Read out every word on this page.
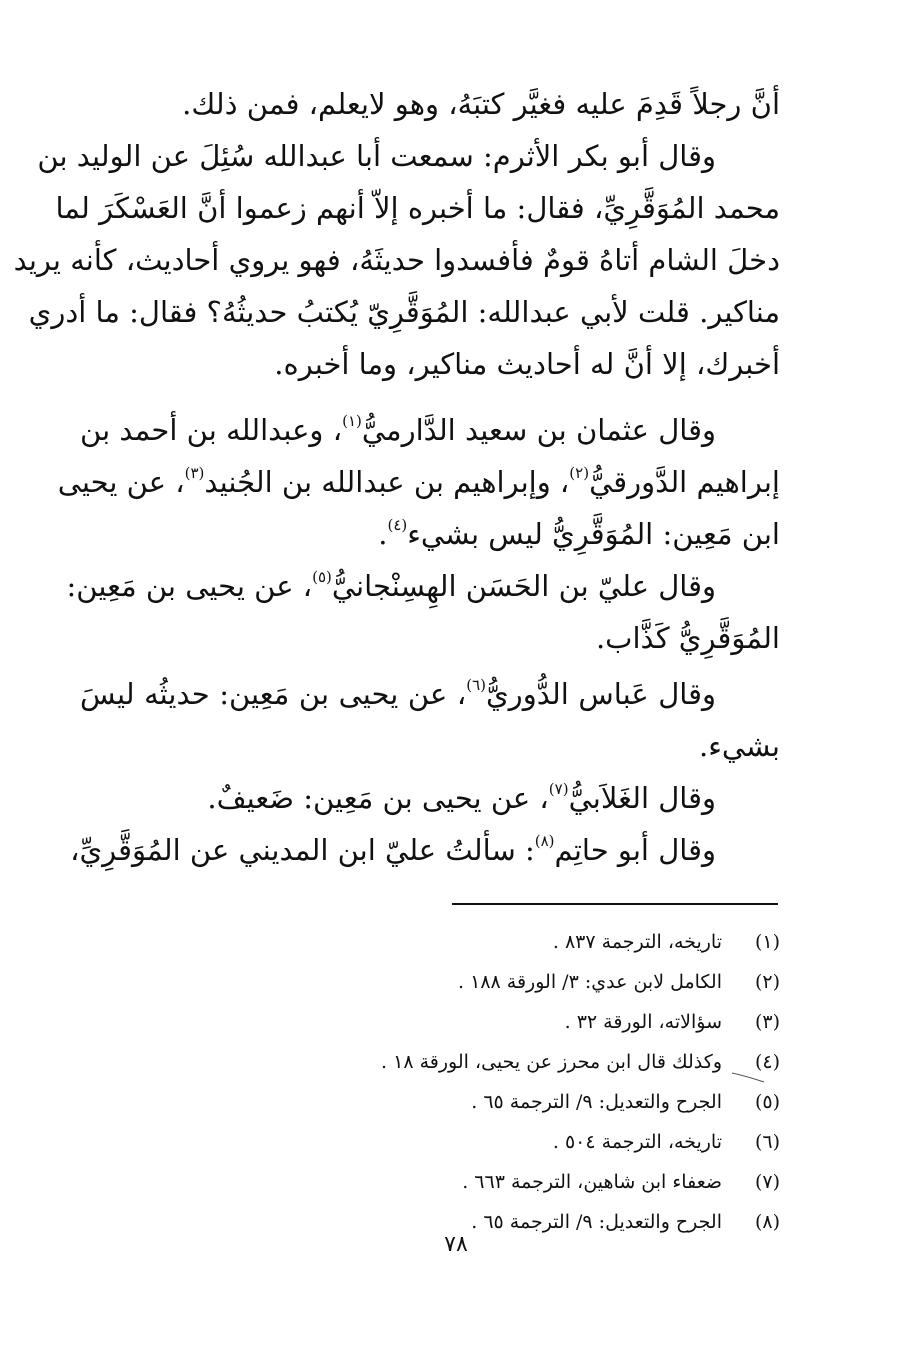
أنَّ رجلاً قَدِمَ عليه فغيَّر كتبَهُ، وهو لايعلم، فمن ذلك.
وقال أبو بكر الأثرم: سمعت أبا عبدالله سُئِلَ عن الوليد بن
محمد المُوَقَّرِيِّ، فقال: ما أخبره إلاّ أنهم زعموا أنَّ العَسْكَرَ لما
دخلَ الشام أتاهُ قومٌ فأفسدوا حديثَهُ، فهو يروي أحاديث، كأنه يريد
مناكير. قلت لأبي عبدالله: المُوَقَّرِيّ يُكتبُ حديثُهُ؟ فقال: ما أدري
أخبرك، إلا أنَّ له أحاديث مناكير، وما أخبره.
وقال عثمان بن سعيد الدَّارميُّ$^{(١)}$، وعبدالله بن أحمد بن
إبراهيم الدَّورقيُّ$^{(٢)}$، وإبراهيم بن عبدالله بن الجُنيد$^{(٣)}$، عن يحيى
ابن مَعِين: المُوَقَّرِيُّ ليس بشيء$^{(٤)}$.
وقال عليّ بن الحَسَن الهِسِنْجانيُّ$^{(٥)}$، عن يحيى بن مَعِين:
المُوَقَّرِيُّ كَذَّاب.
وقال عَباس الدُّوريُّ$^{(٦)}$، عن يحيى بن مَعِين: حديثُه ليسَ
بشيء.
وقال الغَلاَبيُّ$^{(٧)}$، عن يحيى بن مَعِين: ضَعيفٌ.
وقال أبو حاتِم$^{(٨)}$: سألتُ عليّ ابن المديني عن المُوَقَّرِيِّ،
(١)
تاريخه، الترجمة ٨٣٧ .
(٢)
الكامل لابن عدي: ٣/ الورقة ١٨٨ .
(٣)
سؤالاته، الورقة ٣٢ .
(٤)
وكذلك قال ابن محرز عن يحيى، الورقة ١٨ .
(٥)
الجرح والتعديل: ٩/ الترجمة ٦٥ .
(٦)
تاريخه، الترجمة ٥٠٤ .
(٧)
ضعفاء ابن شاهين، الترجمة ٦٦٣ .
(٨)
الجرح والتعديل: ٩/ الترجمة ٦٥ .
٧٨
